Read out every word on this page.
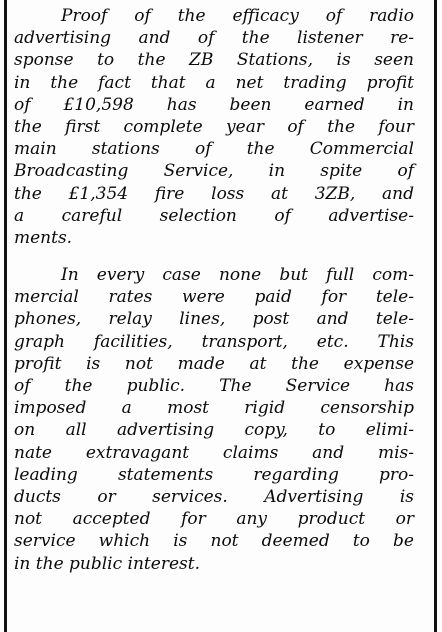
Proof of the efficacy of radio
advertising and of the listener re-
sponse to the ZB Stations, is seen
in the fact that a net trading profit
of £10,598 has been earned in
the first complete year of the four
main stations of the Commercial
Broadcasting Service, in spite of
the £1,354 fire loss at 3ZB, and
a careful selection of advertise-
ments.
In every case none but full com-
mercial rates were paid for tele-
phones, relay lines, post and tele-
graph facilities, transport, etc. This
profit is not made at the expense
of the public. The Service has
imposed a most rigid censorship
on all advertising copy, to elimi-
nate extravagant claims and mis-
leading statements regarding pro-
ducts or services. Advertising is
not accepted for any product or
service which is not deemed to be
in the public interest.
